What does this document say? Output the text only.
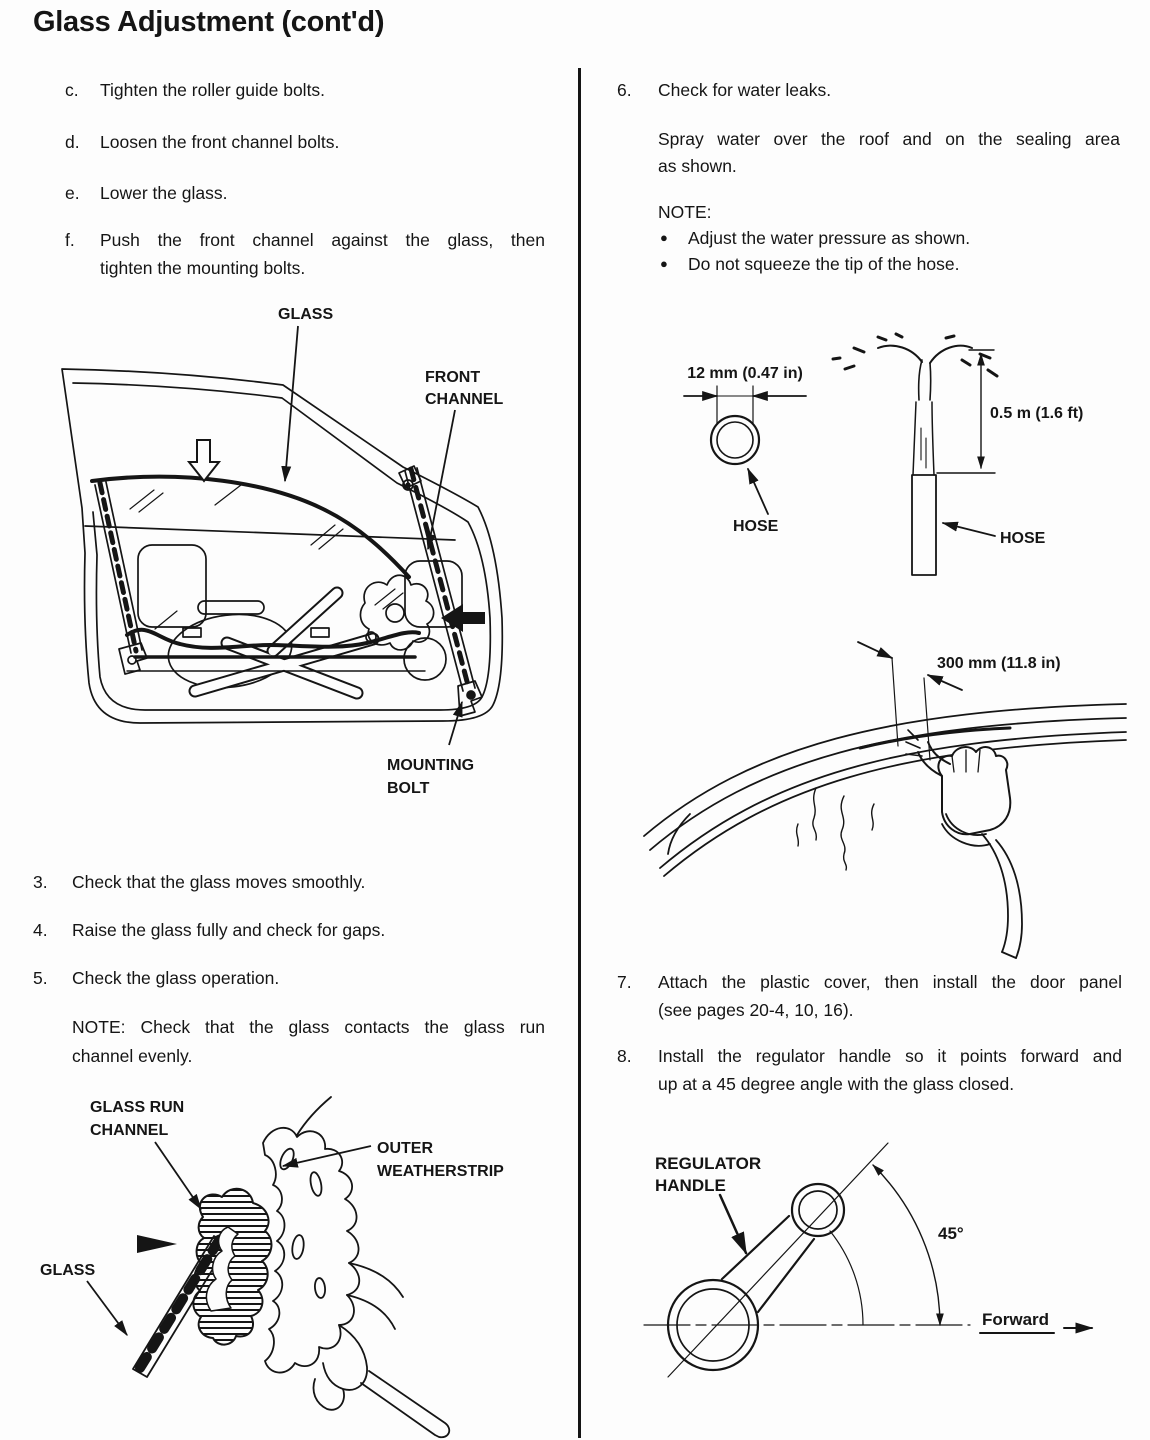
Glass Adjustment (cont'd)
c.	Tighten the roller guide bolts.
d.	Loosen the front channel bolts.
e.	Lower the glass.
f.	Push the front channel against the glass, then
tighten the mounting bolts.
3.	Check that the glass moves smoothly.
4.	Raise the glass fully and check for gaps.
5.	Check the glass operation.
NOTE: Check that the glass contacts the glass run
channel evenly.
6.	Check for water leaks.
Spray water over the roof and on the sealing area
as shown.
NOTE:
●	Adjust the water pressure as shown.
●	Do not squeeze the tip of the hose.
7.	Attach the plastic cover, then install the door panel
(see pages 20-4, 10, 16).
8.	Install the regulator handle so it points forward and
up at a 45 degree angle with the glass closed.
GLASS
FRONT
CHANNEL
MOUNTING
BOLT
GLASS RUN
CHANNEL
OUTER
WEATHERSTRIP
GLASS
12 mm (0.47 in)
HOSE
0.5 m (1.6 ft)
HOSE
300 mm (11.8 in)
REGULATOR
HANDLE
45°
Forward
